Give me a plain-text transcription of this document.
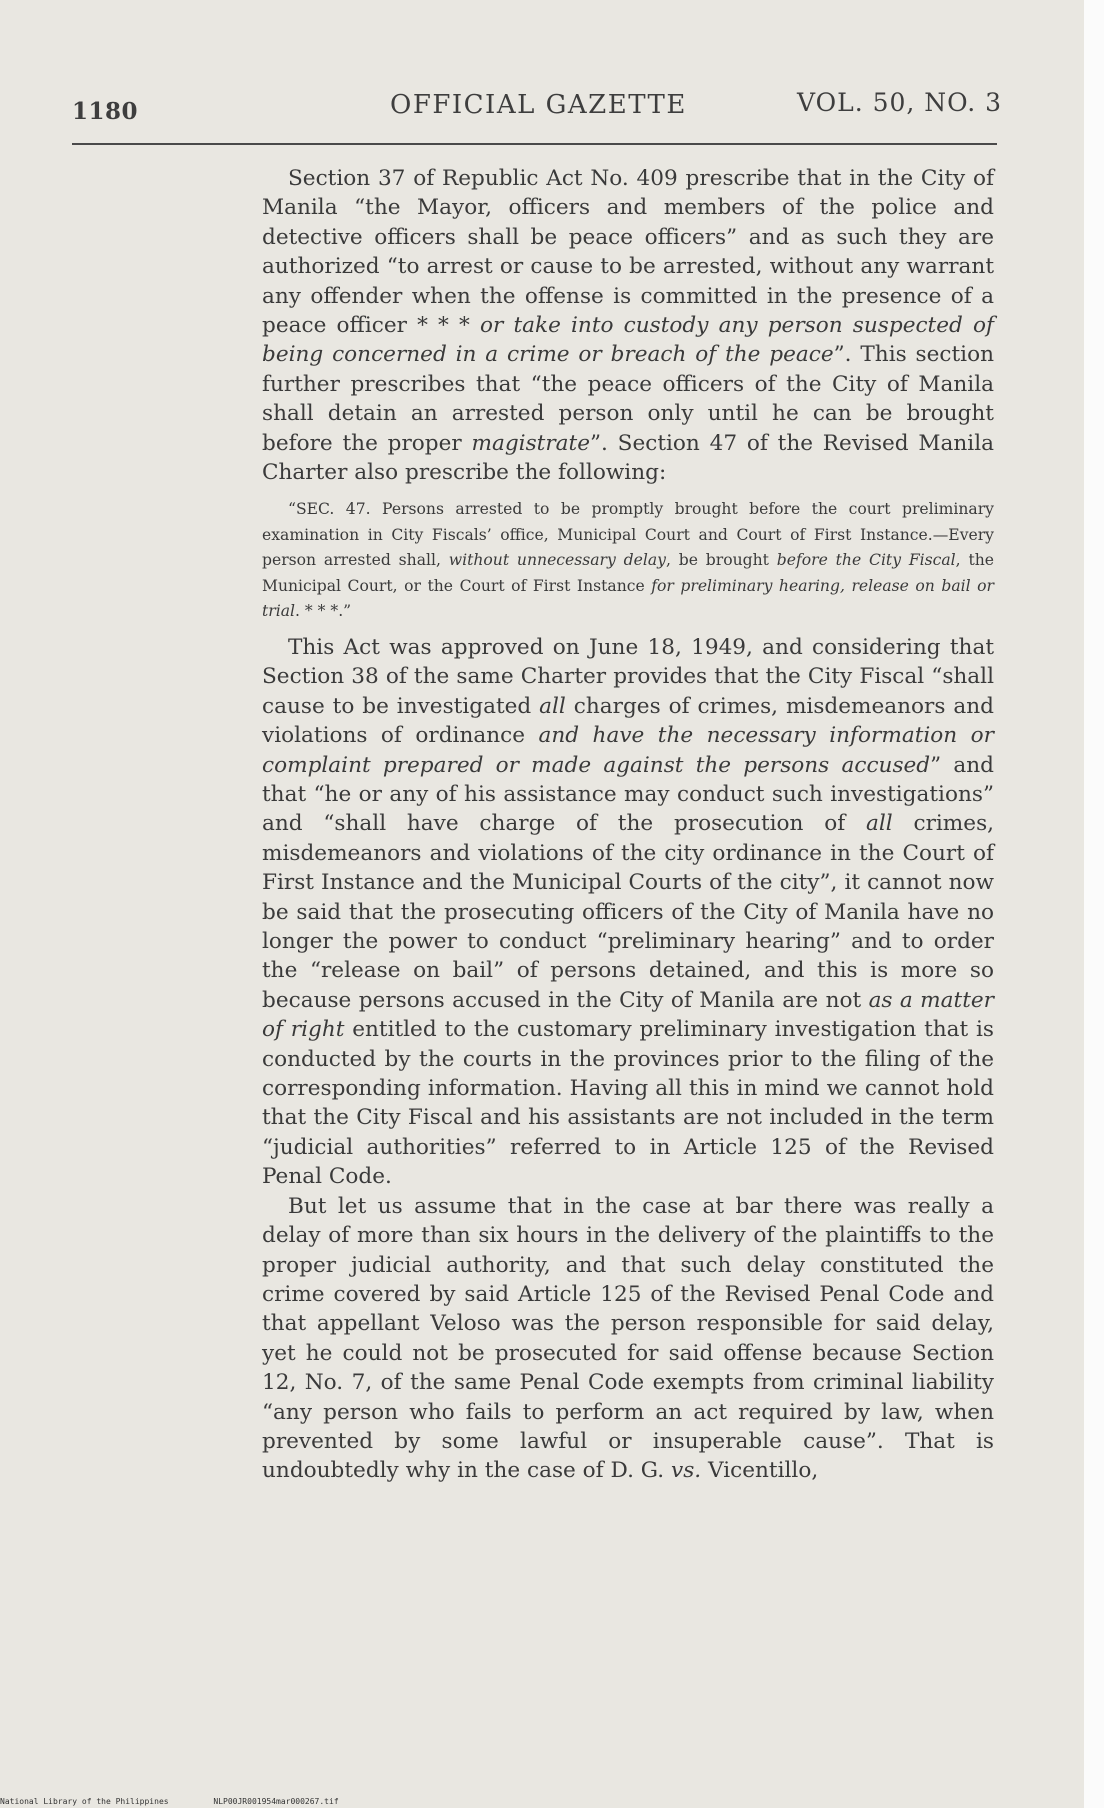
1180	OFFICIAL GAZETTE	VOL. 50, NO. 3

Section 37 of Republic Act No. 409 prescribe that in the City of Manila “the Mayor, officers and members of the police and detective officers shall be peace officers” and as such they are authorized “to arrest or cause to be arrested, without any warrant any offender when the offense is committed in the presence of a peace officer * * * or take into custody any person suspected of being concerned in a crime or breach of the peace”. This section further prescribes that “the peace officers of the City of Manila shall detain an arrested person only until he can be brought before the proper magistrate”. Section 47 of the Revised Manila Charter also prescribe the following:

“SEC. 47. Persons arrested to be promptly brought before the court preliminary examination in City Fiscals’ office, Municipal Court and Court of First Instance.—Every person arrested shall, without unnecessary delay, be brought before the City Fiscal, the Municipal Court, or the Court of First Instance for preliminary hearing, release on bail or trial. * * *.”

This Act was approved on June 18, 1949, and considering that Section 38 of the same Charter provides that the City Fiscal “shall cause to be investigated all charges of crimes, misdemeanors and violations of ordinance and have the necessary information or complaint prepared or made against the persons accused” and that “he or any of his assistance may conduct such investigations” and “shall have charge of the prosecution of all crimes, misdemeanors and violations of the city ordinance in the Court of First Instance and the Municipal Courts of the city”, it cannot now be said that the prosecuting officers of the City of Manila have no longer the power to conduct “preliminary hearing” and to order the “release on bail” of persons detained, and this is more so because persons accused in the City of Manila are not as a matter of right entitled to the customary preliminary investigation that is conducted by the courts in the provinces prior to the filing of the corresponding information. Having all this in mind we cannot hold that the City Fiscal and his assistants are not included in the term “judicial authorities” referred to in Article 125 of the Revised Penal Code.

But let us assume that in the case at bar there was really a delay of more than six hours in the delivery of the plaintiffs to the proper judicial authority, and that such delay constituted the crime covered by said Article 125 of the Revised Penal Code and that appellant Veloso was the person responsible for said delay, yet he could not be prosecuted for said offense because Section 12, No. 7, of the same Penal Code exempts from criminal liability “any person who fails to perform an act required by law, when prevented by some lawful or insuperable cause”. That is undoubtedly why in the case of D. G. vs. Vicentillo,

National Library of the Philippines	NLP00JR001954mar000267.tif
